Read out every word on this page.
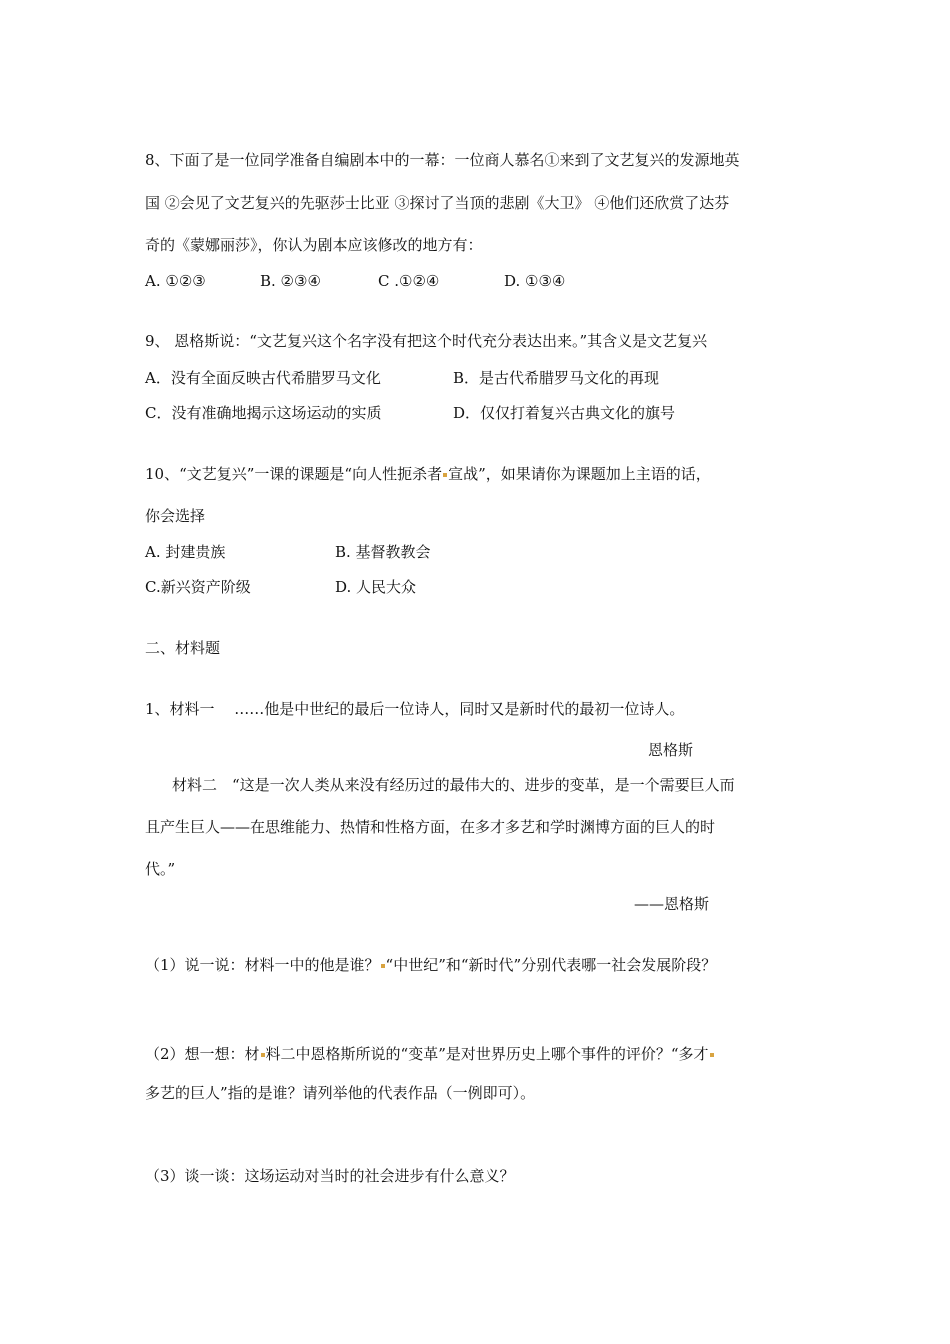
8、下面了是一位同学准备自编剧本中的一幕：一位商人慕名①来到了文艺复兴的发源地英
国 ②会见了文艺复兴的先驱莎士比亚 ③探讨了当顶的悲剧《大卫》 ④他们还欣赏了达芬
奇的《蒙娜丽莎》，你认为剧本应该修改的地方有：
A. ①②③	B. ②③④	C .①②④	D. ①③④
9、 恩格斯说：“文艺复兴这个名字没有把这个时代充分表达出来。”其含义是文艺复兴
A．没有全面反映古代希腊罗马文化	B．是古代希腊罗马文化的再现
C．没有准确地揭示这场运动的实质	D．仅仅打着复兴古典文化的旗号
10、“文艺复兴”一课的课题是“向人性扼杀者 宣战”，如果请你为课题加上主语的话，
你会选择
A. 封建贵族	B. 基督教教会
C.新兴资产阶级	D. 人民大众
二、材料题
1、材料一　 ……他是中世纪的最后一位诗人，同时又是新时代的最初一位诗人。
恩格斯
材料二　“这是一次人类从来没有经历过的最伟大的、进步的变革，是一个需要巨人而
且产生巨人——在思维能力、热情和性格方面，在多才多艺和学时渊博方面的巨人的时
代。”
——恩格斯
（1）说一说：材料一中的他是谁？ “中世纪”和“新时代”分别代表哪一社会发展阶段？
（2）想一想：材 料二中恩格斯所说的“变革”是对世界历史上哪个事件的评价？“多才
多艺的巨人”指的是谁？请列举他的代表作品（一例即可）。
（3）谈一谈：这场运动对当时的社会进步有什么意义？
